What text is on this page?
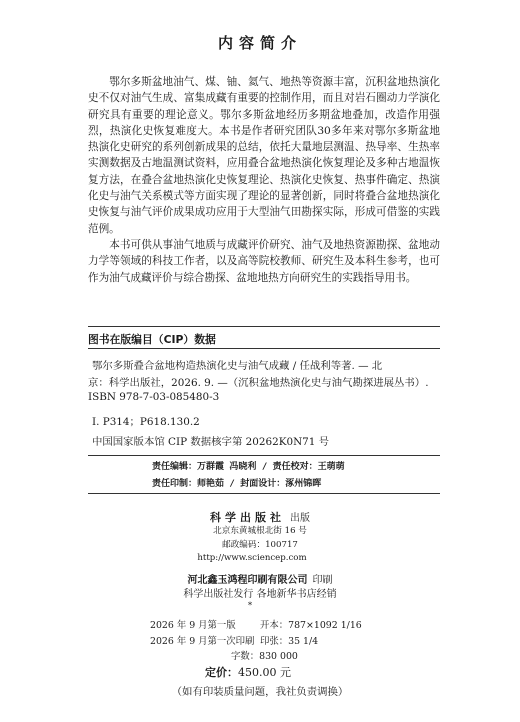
内容简介

鄂尔多斯盆地油气、煤、铀、氦气、地热等资源丰富，沉积盆地热演化史不仅对油气生成、富集成藏有重要的控制作用，而且对岩石圈动力学演化研究具有重要的理论意义。鄂尔多斯盆地经历多期盆地叠加，改造作用强烈，热演化史恢复难度大。本书是作者研究团队30多年来对鄂尔多斯盆地热演化史研究的系列创新成果的总结，依托大量地层测温、热导率、生热率实测数据及古地温测试资料，应用叠合盆地热演化恢复理论及多种古地温恢复方法，在叠合盆地热演化史恢复理论、热演化史恢复、热事件确定、热演化史与油气关系模式等方面实现了理论的显著创新，同时将叠合盆地热演化史恢复与油气评价成果成功应用于大型油气田勘探实际，形成可借鉴的实践范例。

本书可供从事油气地质与成藏评价研究、油气及地热资源勘探、盆地动力学等领域的科技工作者，以及高等院校教师、研究生及本科生参考，也可作为油气成藏评价与综合勘探、盆地地热方向研究生的实践指导用书。

图书在版编目（CIP）数据
鄂尔多斯叠合盆地构造热演化史与油气成藏 / 任战利等著. — 北
京：科学出版社，2026. 9. —（沉积盆地热演化史与油气勘探进展丛书）.
ISBN 978-7-03-085480-3
Ⅰ. P314；P618.130.2
中国国家版本馆 CIP 数据核字第 20262K0N71 号
责任编辑：万群霞 冯晓利 / 责任校对：王萌萌
责任印制：师艳茹 / 封面设计：涿州锦晖
科学出版社 出版
北京东黄城根北街 16 号
邮政编码：100717
http://www.sciencep.com
河北鑫玉鸿程印刷有限公司 印刷
科学出版社发行 各地新华书店经销
*
2026 年 9 月第一版	开本：787×1092 1/16
2026 年 9 月第一次印刷 印张：35 1/4
字数：830 000
定价：450.00 元
（如有印装质量问题，我社负责调换）
